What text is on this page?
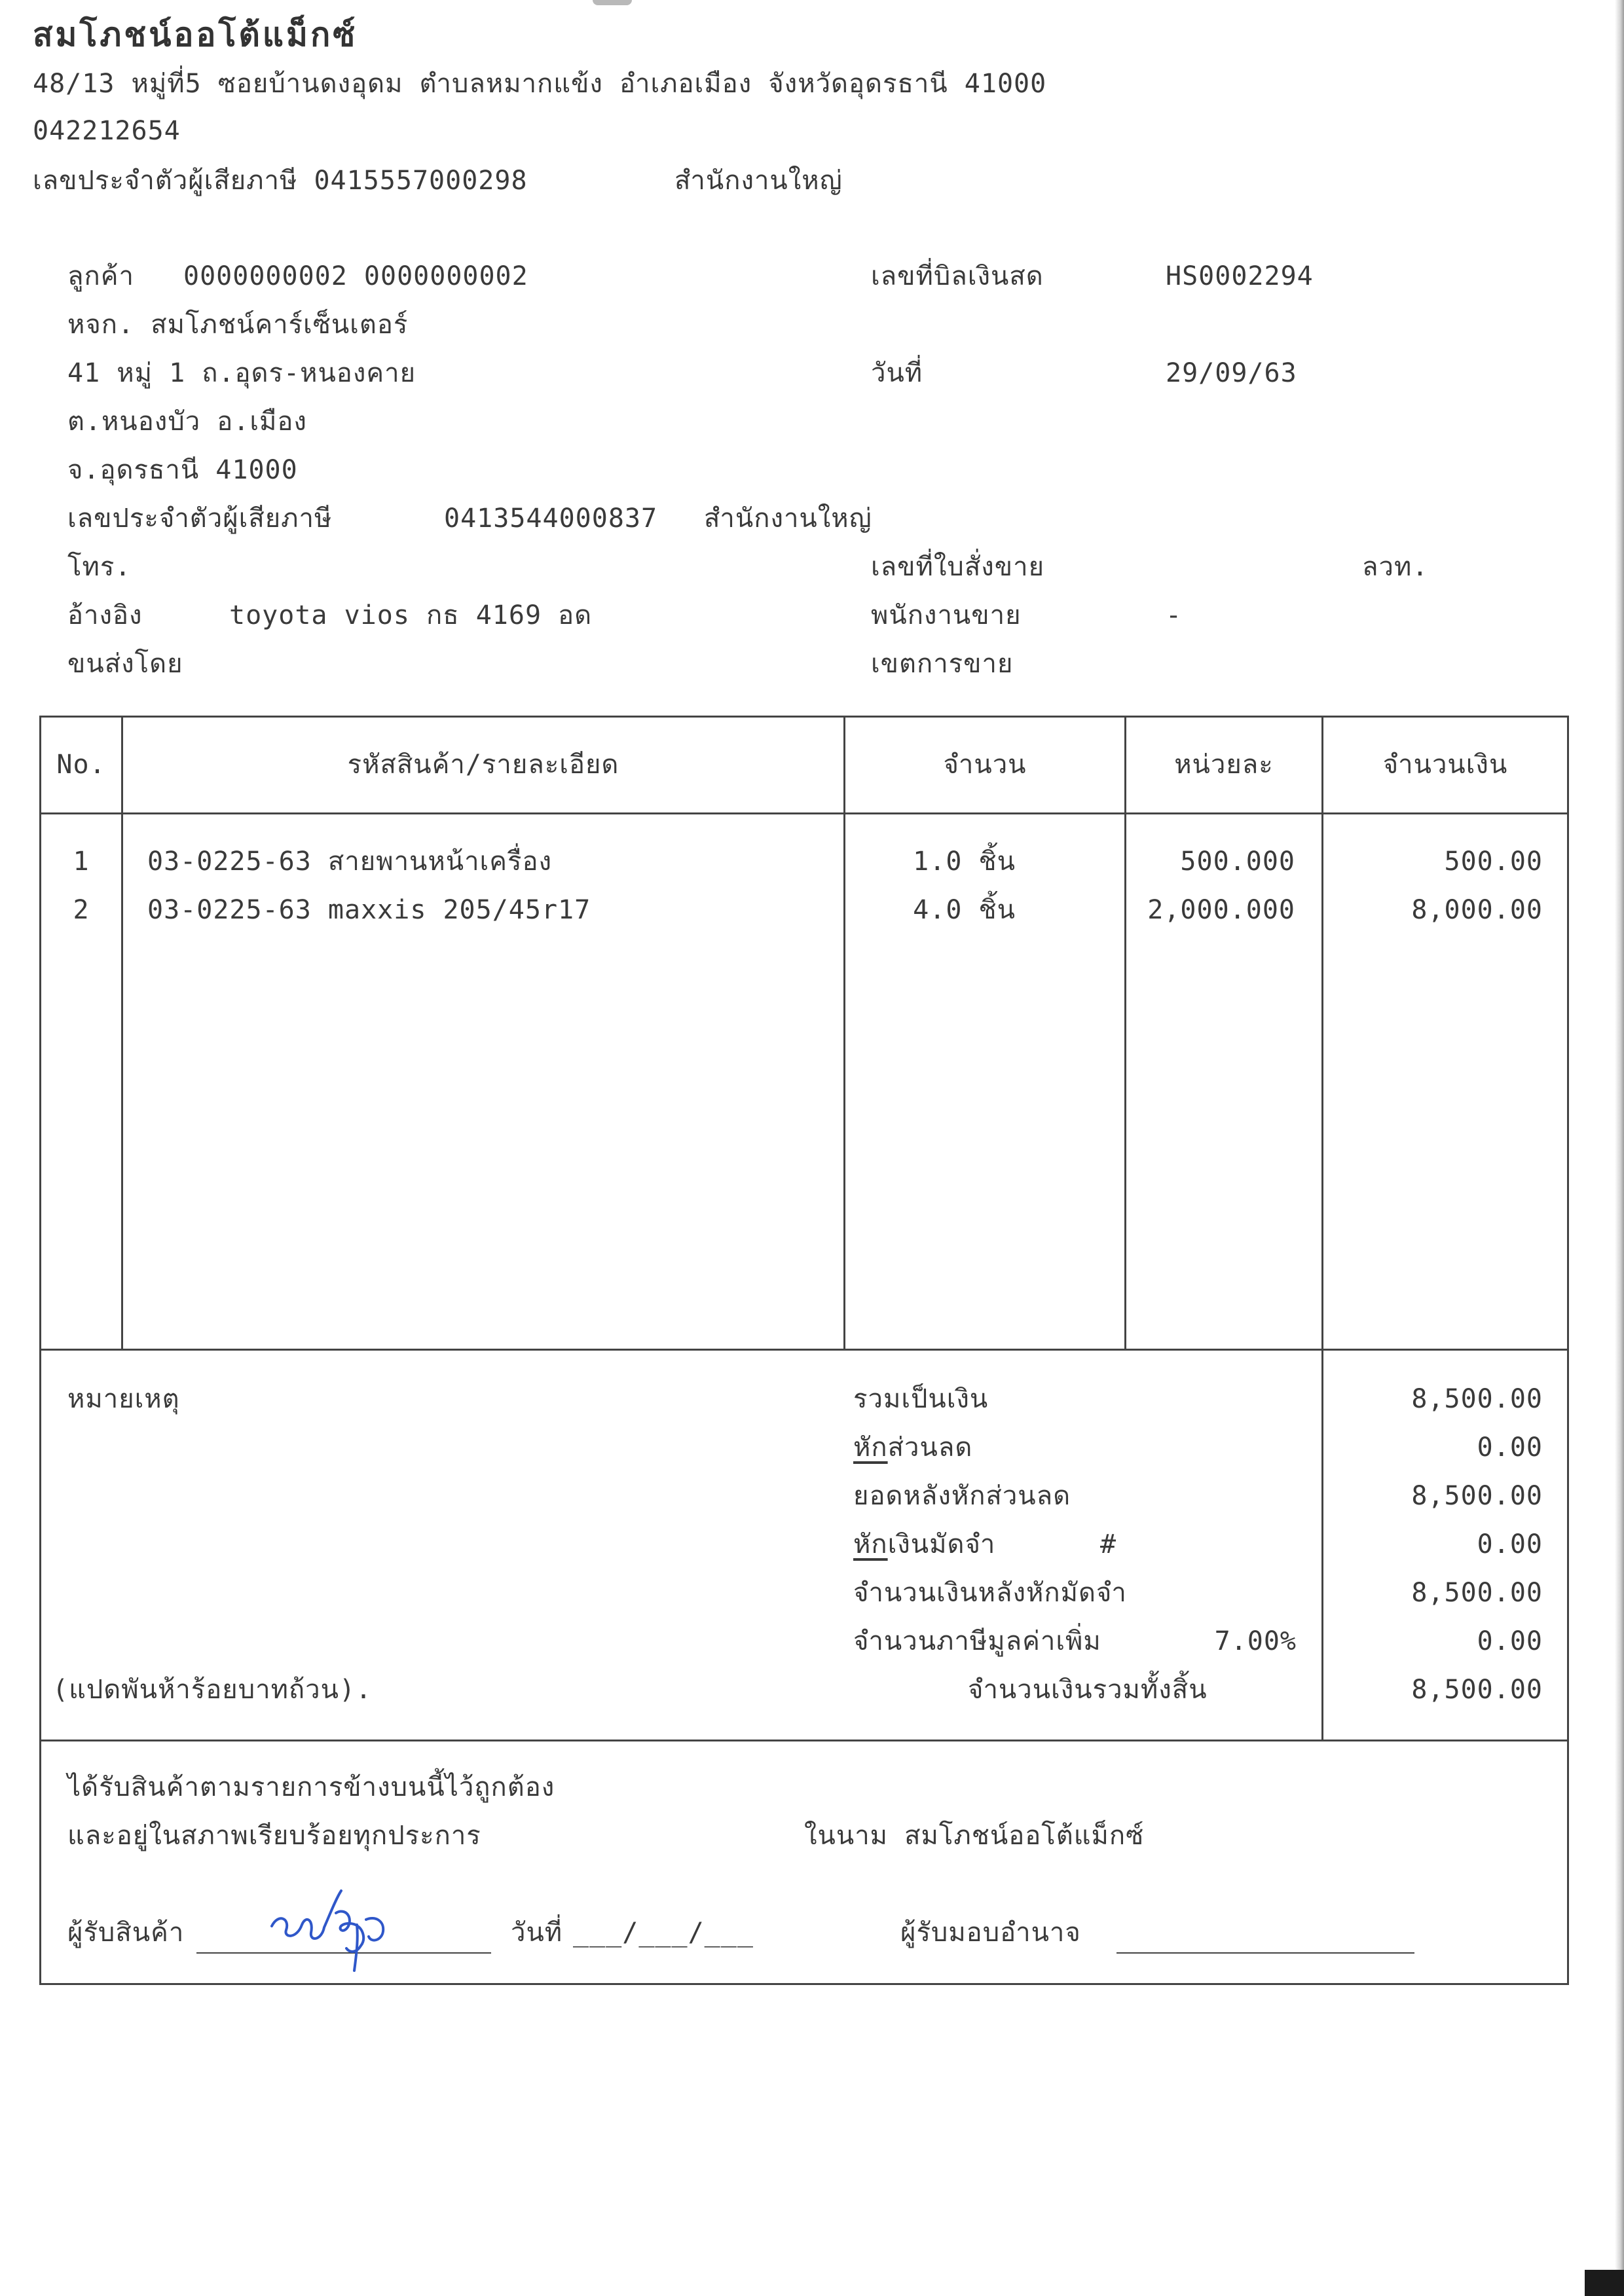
สมโภชน์ออโต้แม็กซ์
48/13 หมู่ที่5 ซอยบ้านดงอุดม ตำบลหมากแข้ง อำเภอเมือง จังหวัดอุดรธานี 41000
042212654
เลขประจำตัวผู้เสียภาษี 0415557000298	สำนักงานใหญ่
ลูกค้า 0000000002 0000000002
หจก. สมโภชน์คาร์เซ็นเตอร์
41 หมู่ 1 ถ.อุดร-หนองคาย
ต.หนองบัว อ.เมือง
จ.อุดรธานี 41000
เลขประจำตัวผู้เสียภาษี	0413544000837 สำนักงานใหญ่
โทร.
อ้างอิง	toyota vios กธ 4169 อด
ขนส่งโดย
เลขที่บิลเงินสด	HS0002294
วันที่	29/09/63
เลขที่ใบสั่งขาย	ลวท.
พนักงานขาย	-
เขตการขาย
No.	รหัสสินค้า/รายละเอียด	จำนวน	หน่วยละ	จำนวนเงิน
1	03-0225-63 สายพานหน้าเครื่อง	1.0 ชิ้น	500.000	500.00
2	03-0225-63 maxxis 205/45r17	4.0 ชิ้น	2,000.000	8,000.00
หมายเหตุ	รวมเป็นเงิน	8,500.00
หักส่วนลด	0.00
ยอดหลังหักส่วนลด	8,500.00
หักเงินมัดจำ	#	0.00
จำนวนเงินหลังหักมัดจำ	8,500.00
จำนวนภาษีมูลค่าเพิ่ม	7.00%	0.00
(แปดพันห้าร้อยบาทถ้วน).	จำนวนเงินรวมทั้งสิ้น	8,500.00
ได้รับสินค้าตามรายการข้างบนนี้ไว้ถูกต้อง
และอยู่ในสภาพเรียบร้อยทุกประการ	ในนาม สมโภชน์ออโต้แม็กซ์
ผู้รับสินค้า	วันที่ ___/___/___	ผู้รับมอบอำนาจ
